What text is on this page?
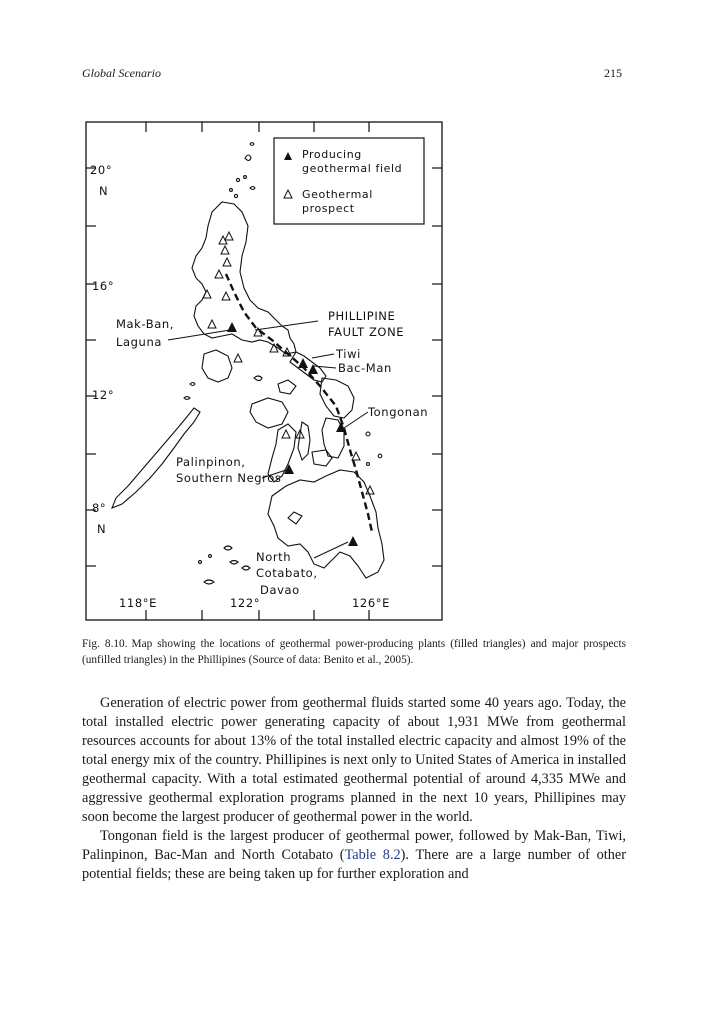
Global Scenario	215
20°
N
16°
12°
8°
N
118°E	122°	126°E
Producing
geothermal field
Geothermal
prospect
Mak-Ban,
Laguna
PHILLIPINE
FAULT ZONE
Tiwi
Bac-Man
Tongonan
Palinpinon,
Southern Negros
North
Cotabato,
Davao
Fig. 8.10. Map showing the locations of geothermal power-producing plants (filled triangles) and major prospects (unfilled triangles) in the Phillipines (Source of data: Benito et al., 2005).

Generation of electric power from geothermal fluids started some 40 years ago. Today, the total installed electric power generating capacity of about 1,931 MWe from geothermal resources accounts for about 13% of the total installed electric capacity and almost 19% of the total energy mix of the country. Phillipines is next only to United States of America in installed geothermal capacity. With a total estimated geothermal potential of around 4,335 MWe and aggressive geothermal exploration programs planned in the next 10 years, Phillipines may soon become the largest producer of geothermal power in the world.

Tongonan field is the largest producer of geothermal power, followed by Mak-Ban, Tiwi, Palinpinon, Bac-Man and North Cotabato (Table 8.2). There are a large number of other potential fields; these are being taken up for further exploration and
